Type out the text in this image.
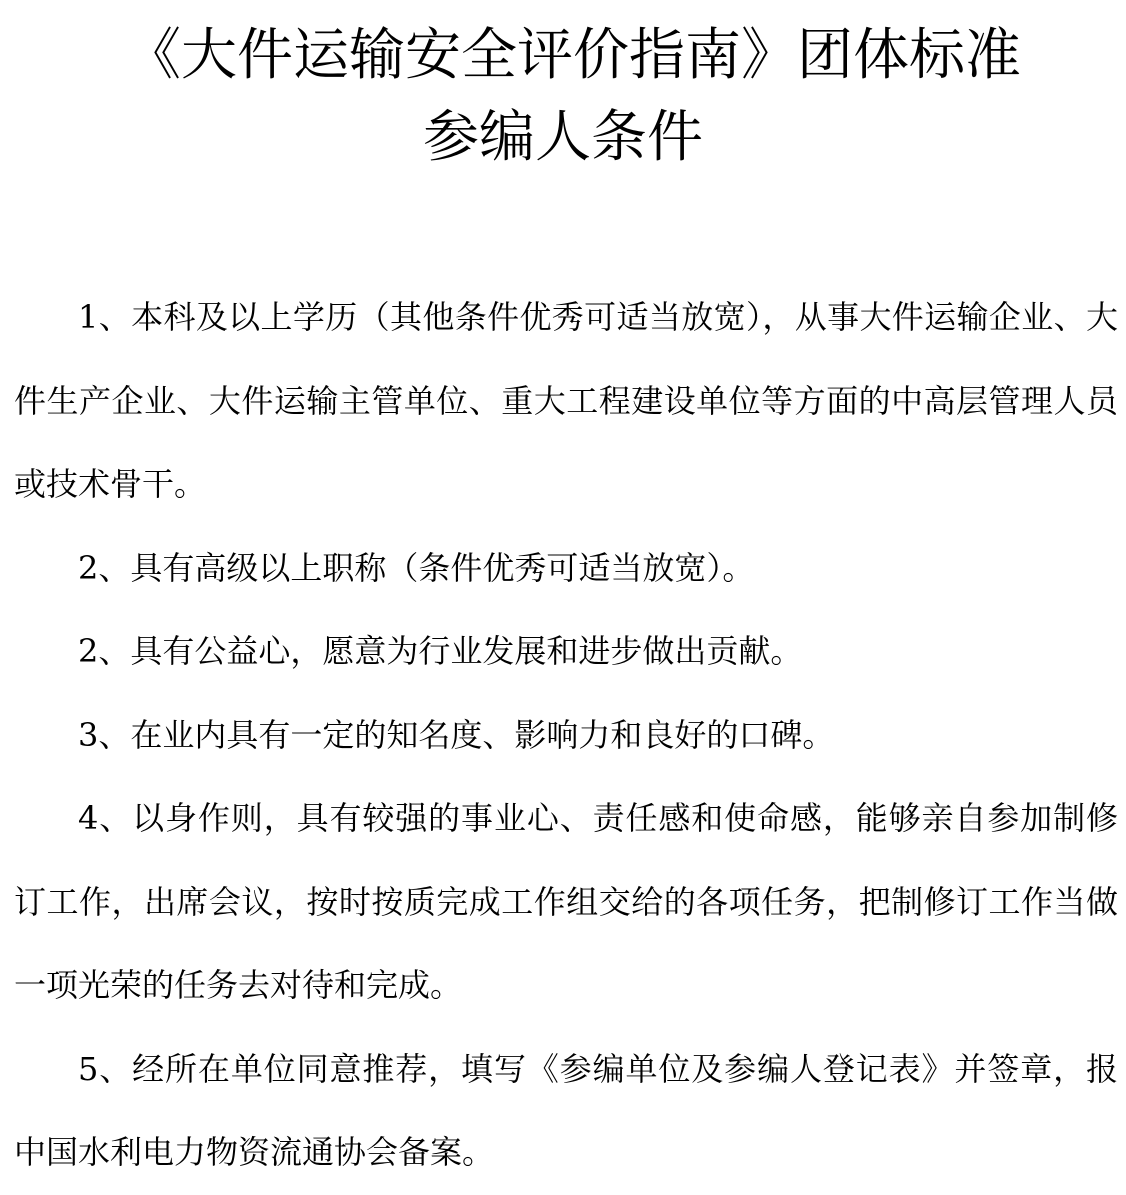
《大件运输安全评价指南》团体标准
参编人条件

1、本科及以上学历（其他条件优秀可适当放宽），从事大件运输企业、大件生产企业、大件运输主管单位、重大工程建设单位等方面的中高层管理人员或技术骨干。

2、具有高级以上职称（条件优秀可适当放宽）。

2、具有公益心，愿意为行业发展和进步做出贡献。

3、在业内具有一定的知名度、影响力和良好的口碑。

4、以身作则，具有较强的事业心、责任感和使命感，能够亲自参加制修订工作，出席会议，按时按质完成工作组交给的各项任务，把制修订工作当做一项光荣的任务去对待和完成。

5、经所在单位同意推荐，填写《参编单位及参编人登记表》并签章，报中国水利电力物资流通协会备案。
